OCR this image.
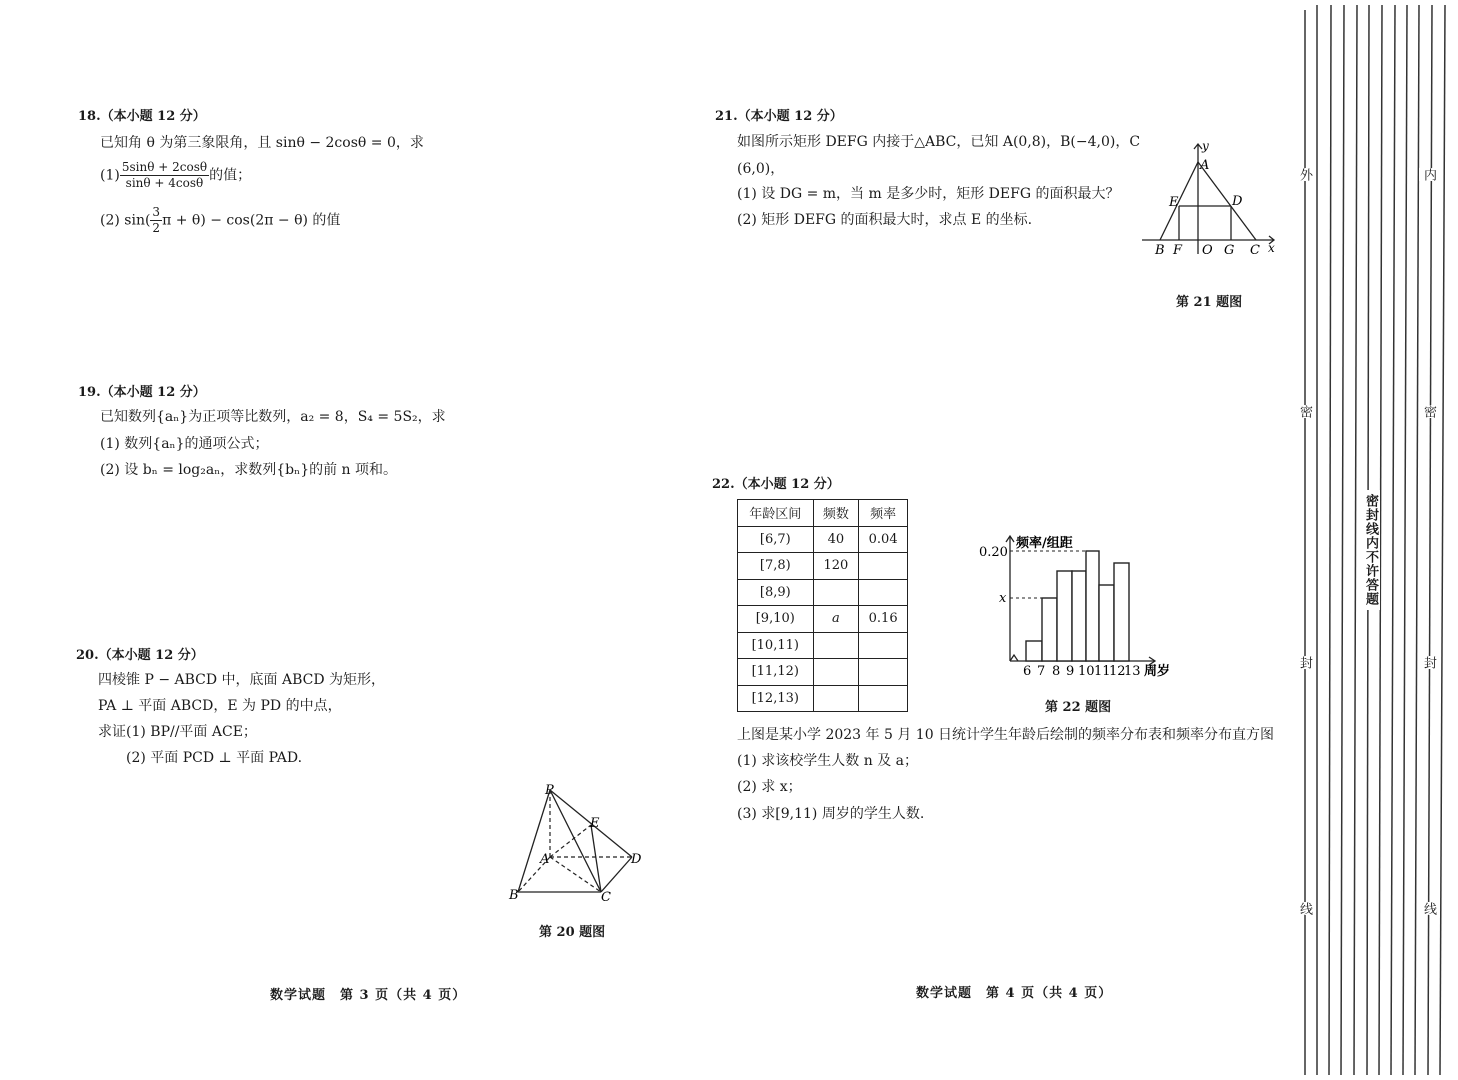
18.（本小题 12 分）
已知角 θ 为第三象限角，且 sinθ − 2cosθ = 0，求
$(1) \frac{5\sin\theta + 2\cos\theta}{\sin\theta + 4\cos\theta}$ 的值；
(2) $\sin( \frac{3}{2}$ π + θ) − cos(2π − θ) 的值
19.（本小题 12 分）
已知数列{aₙ}为正项等比数列，a₂ = 8，S₄ = 5S₂，求
(1) 数列{aₙ}的通项公式；
(2) 设 bₙ = log₂aₙ，求数列{bₙ}的前 n 项和。
20.（本小题 12 分）
四棱锥 P − ABCD 中，底面 ABCD 为矩形，
PA ⊥ 平面 ABCD，E 为 PD 的中点，
求证(1) BP//平面 ACE；
(2) 平面 PCD ⊥ 平面 PAD.
P
E
A	D
B	C
第 20 题图
数学试题　第 3 页（共 4 页）
21.（本小题 12 分）
如图所示矩形 DEFG 内接于△ABC，已知 A(0,8)，B(−4,0)，C
(6,0)，
(1) 设 DG = m，当 m 是多少时，矩形 DEFG 的面积最大？
(2) 矩形 DEFG 的面积最大时，求点 E 的坐标.
y
A
E	D
B F O G C x
第 21 题图
22.（本小题 12 分）
年龄区间	频数	频率
[6,7)	40	0.04
[7,8)	120	
[8,9)		
[9,10)	a	0.16
[10,11)		
[11,12)		
[12,13)		
频率/组距
0.20
x
6 7 8 9 10 11
12
13 周岁
第 22 题图
上图是某小学 2023 年 5 月 10 日统计学生年龄后绘制的频率分布表和频率分布直方图
(1) 求该校学生人数 n 及 a；
(2) 求 x；
(3) 求[9,11) 周岁的学生人数.
数学试题　第 4 页（共 4 页）
外
密
封
线
内
密
封
线
密封线内不许答题
